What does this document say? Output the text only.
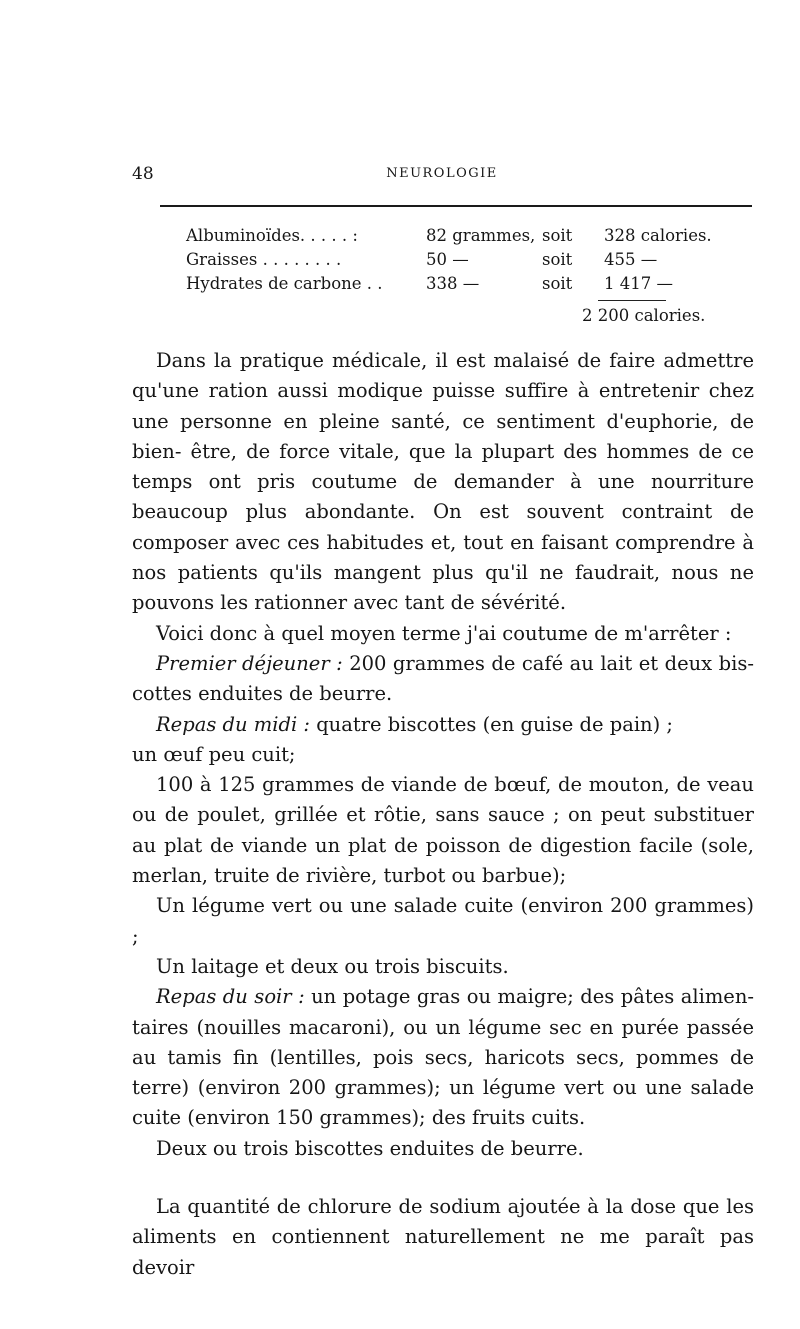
48	NEUROLOGIE
Albuminoïdes. . . . . :	82 grammes, soit 328 calories.
Graisses . . . . . . . .	50 —	soit 455 —
Hydrates de carbone . .	338 —	soit 1 417 —
2 200 calories.

Dans la pratique médicale, il est malaisé de faire admettre qu'une ration aussi modique puisse suffire à entretenir chez une personne en pleine santé, ce sentiment d'euphorie, de bien- être, de force vitale, que la plupart des hommes de ce temps ont pris coutume de demander à une nourriture beaucoup plus abondante. On est souvent contraint de composer avec ces habitudes et, tout en faisant comprendre à nos patients qu'ils mangent plus qu'il ne faudrait, nous ne pouvons les rationner avec tant de sévérité.

Voici donc à quel moyen terme j'ai coutume de m'arrêter :

Premier déjeuner : 200 grammes de café au lait et deux bis- cottes enduites de beurre.

Repas du midi : quatre biscottes (en guise de pain) ;

un œuf peu cuit;

100 à 125 grammes de viande de bœuf, de mouton, de veau ou de poulet, grillée et rôtie, sans sauce ; on peut substituer au plat de viande un plat de poisson de digestion facile (sole, merlan, truite de rivière, turbot ou barbue);

Un légume vert ou une salade cuite (environ 200 grammes) ;

Un laitage et deux ou trois biscuits.

Repas du soir : un potage gras ou maigre; des pâtes alimen- taires (nouilles macaroni), ou un légume sec en purée passée au tamis fin (lentilles, pois secs, haricots secs, pommes de terre) (environ 200 grammes); un légume vert ou une salade cuite (environ 150 grammes); des fruits cuits.

Deux ou trois biscottes enduites de beurre.

La quantité de chlorure de sodium ajoutée à la dose que les aliments en contiennent naturellement ne me paraît pas devoir
